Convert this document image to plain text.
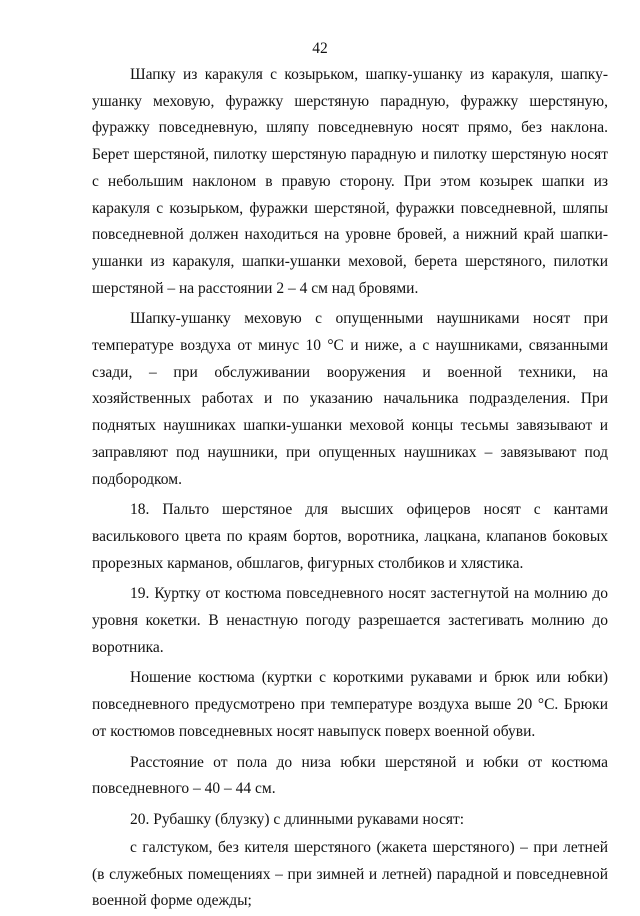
42

Шапку из каракуля с козырьком, шапку-ушанку из каракуля, шапку-ушанку меховую, фуражку шерстяную парадную, фуражку шерстяную, фуражку повседневную, шляпу повседневную носят прямо, без наклона. Берет шерстяной, пилотку шерстяную парадную и пилотку шерстяную носят с небольшим наклоном в правую сторону. При этом козырек шапки из каракуля с козырьком, фуражки шерстяной, фуражки повседневной, шляпы повседневной должен находиться на уровне бровей, а нижний край шапки-ушанки из каракуля, шапки-ушанки меховой, берета шерстяного, пилотки шерстяной – на расстоянии 2 – 4 см над бровями.

Шапку-ушанку меховую с опущенными наушниками носят при температуре воздуха от минус 10 °С и ниже, а с наушниками, связанными сзади, – при обслуживании вооружения и военной техники, на хозяйственных работах и по указанию начальника подразделения. При поднятых наушниках шапки-ушанки меховой концы тесьмы завязывают и заправляют под наушники, при опущенных наушниках – завязывают под подбородком.

18. Пальто шерстяное для высших офицеров носят с кантами василькового цвета по краям бортов, воротника, лацкана, клапанов боковых прорезных карманов, обшлагов, фигурных столбиков и хлястика.

19. Куртку от костюма повседневного носят застегнутой на молнию до уровня кокетки. В ненастную погоду разрешается застегивать молнию до воротника.

Ношение костюма (куртки с короткими рукавами и брюк или юбки) повседневного предусмотрено при температуре воздуха выше 20 °С. Брюки от костюмов повседневных носят навыпуск поверх военной обуви.

Расстояние от пола до низа юбки шерстяной и юбки от костюма повседневного – 40 – 44 см.

20. Рубашку (блузку) с длинными рукавами носят:

с галстуком, без кителя шерстяного (жакета шерстяного) – при летней (в служебных помещениях – при зимней и летней) парадной и повседневной военной форме одежды;
